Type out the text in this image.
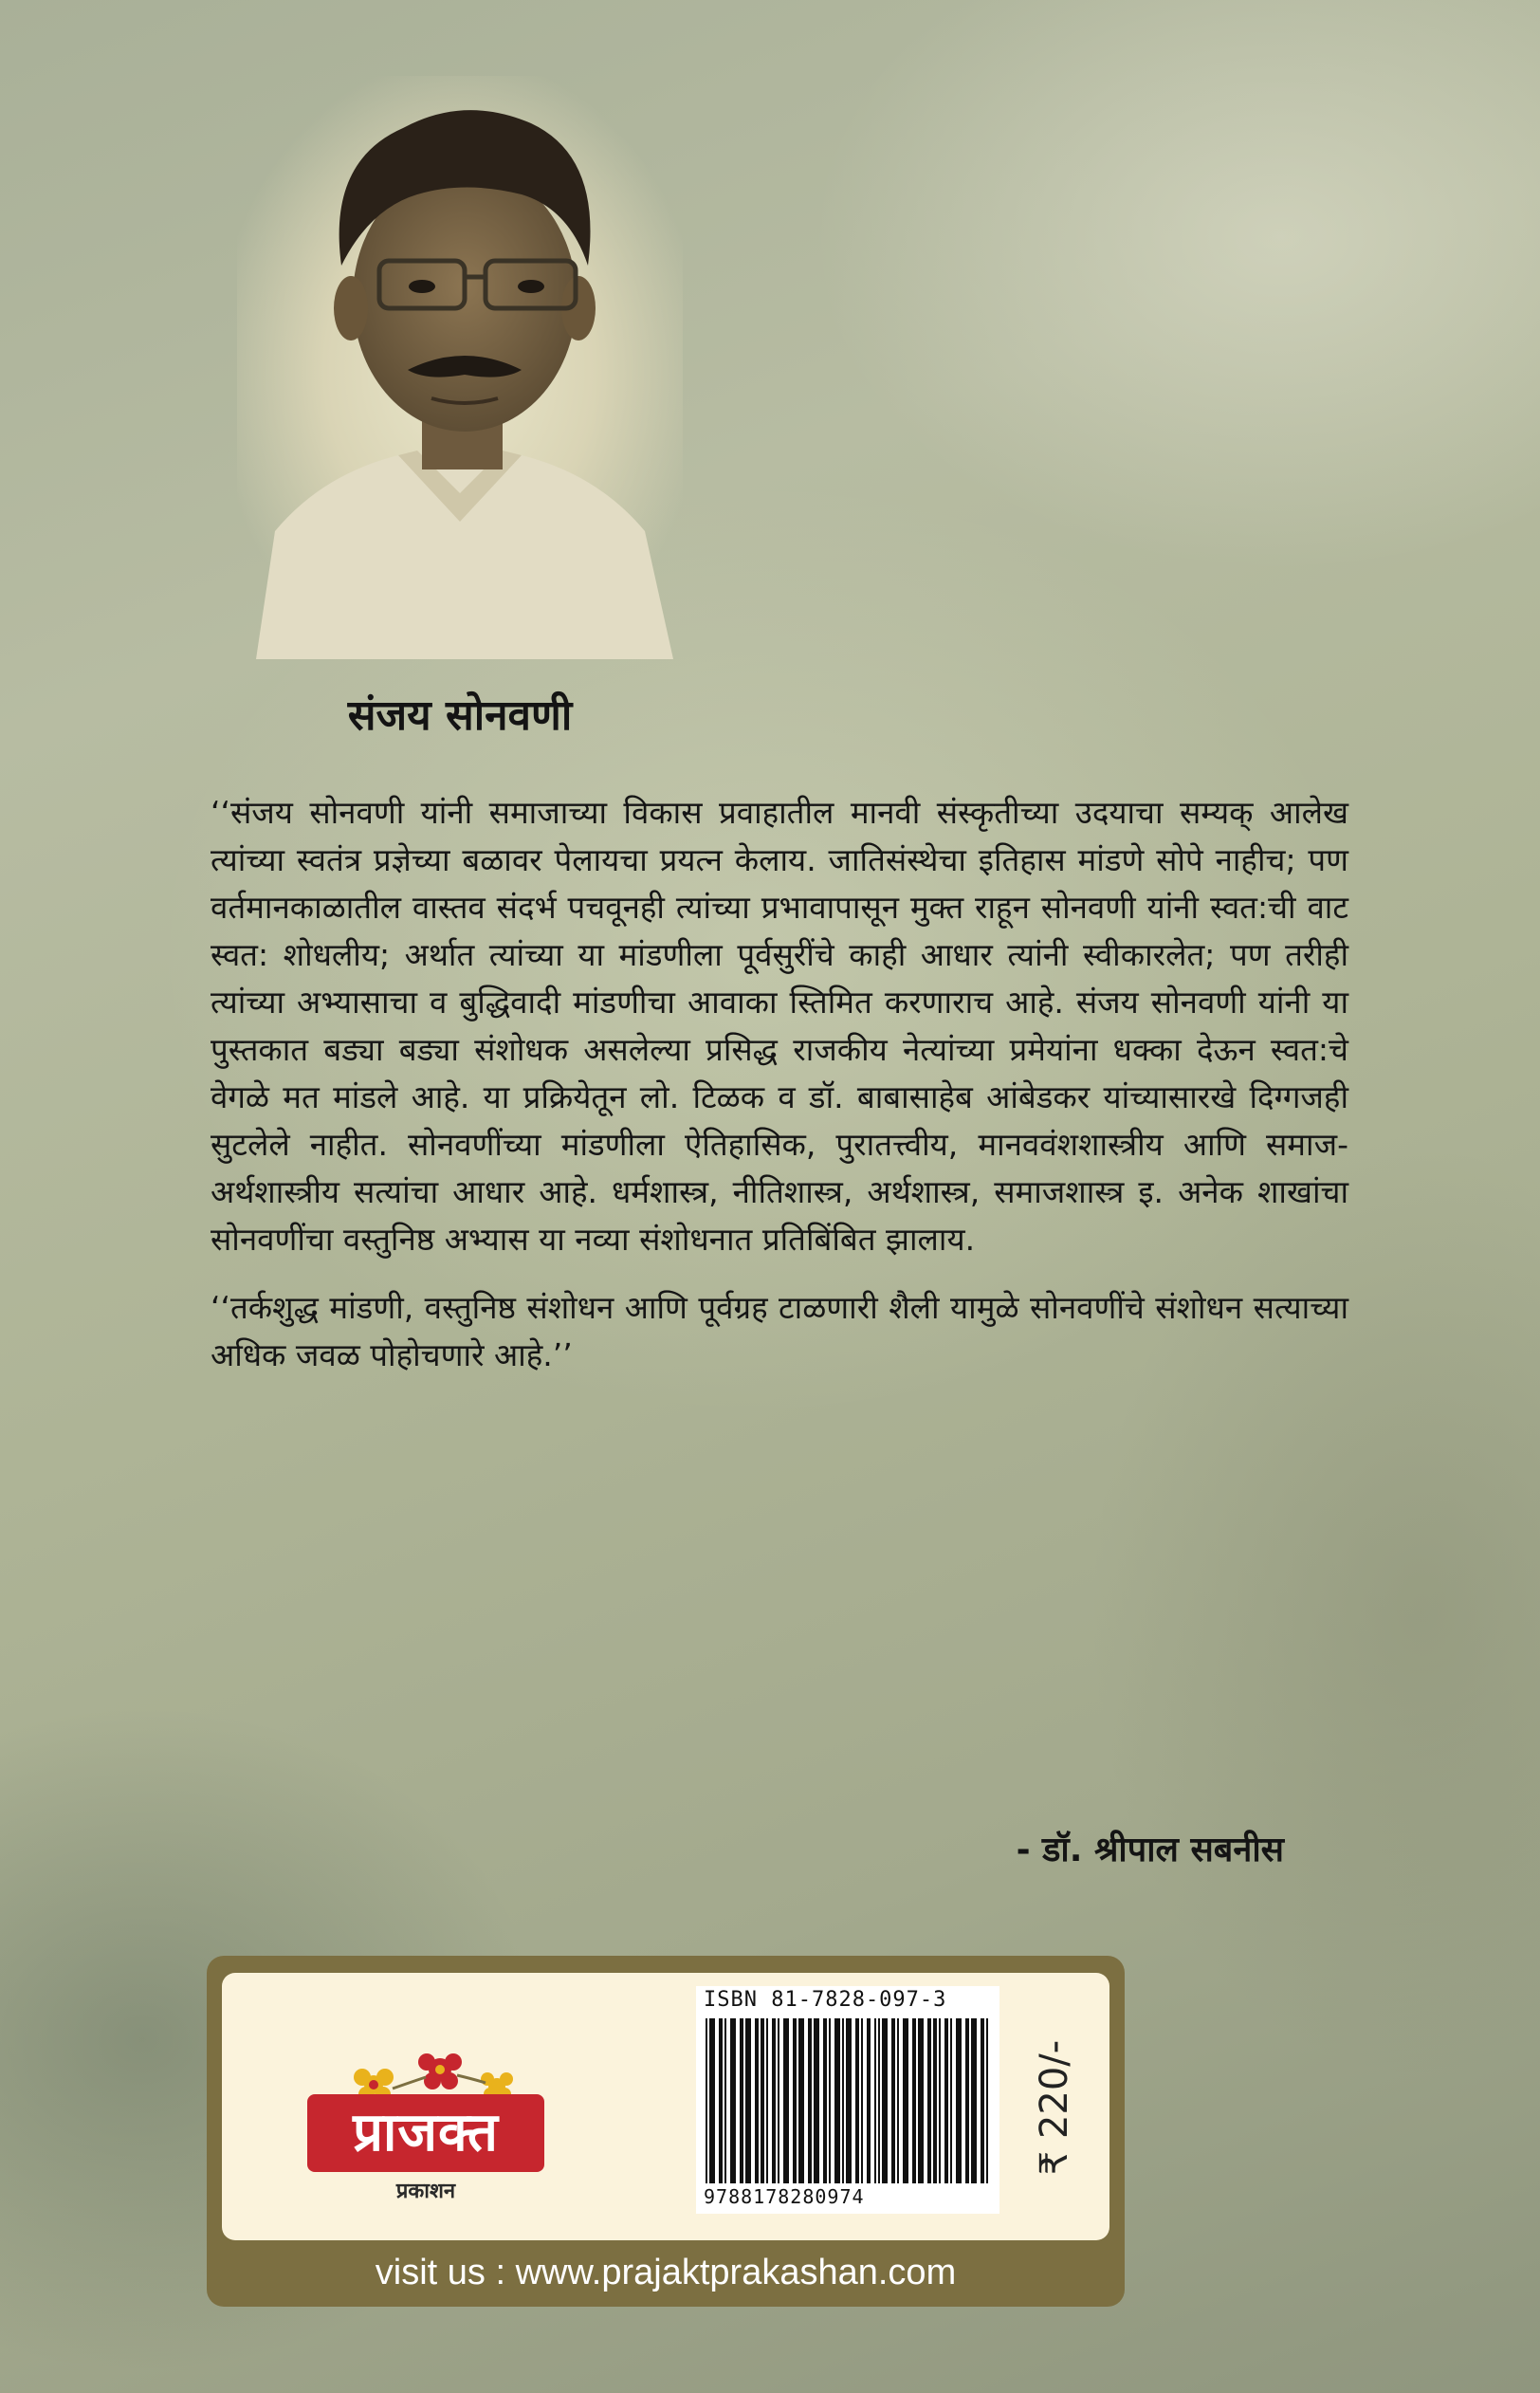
संजय सोनवणी

‘‘संजय सोनवणी यांनी समाजाच्या विकास प्रवाहातील मानवी संस्कृतीच्या उदयाचा सम्यक् आलेख त्यांच्या स्वतंत्र प्रज्ञेच्या बळावर पेलायचा प्रयत्न केलाय. जातिसंस्थेचा इतिहास मांडणे सोपे नाहीच; पण वर्तमानकाळातील वास्तव संदर्भ पचवूनही त्यांच्या प्रभावापासून मुक्त राहून सोनवणी यांनी स्वत:ची वाट स्वत: शोधलीय; अर्थात त्यांच्या या मांडणीला पूर्वसुरींचे काही आधार त्यांनी स्वीकारलेत; पण तरीही त्यांच्या अभ्यासाचा व बुद्धिवादी मांडणीचा आवाका स्तिमित करणाराच आहे. संजय सोनवणी यांनी या पुस्तकात बड्या बड्या संशोधक असलेल्या प्रसिद्ध राजकीय नेत्यांच्या प्रमेयांना धक्का देऊन स्वत:चे वेगळे मत मांडले आहे. या प्रक्रियेतून लो. टिळक व डॉ. बाबासाहेब आंबेडकर यांच्यासारखे दिग्गजही सुटलेले नाहीत. सोनवणींच्या मांडणीला ऐतिहासिक, पुरातत्त्वीय, मानववंशशास्त्रीय आणि समाज-अर्थशास्त्रीय सत्यांचा आधार आहे. धर्मशास्त्र, नीतिशास्त्र, अर्थशास्त्र, समाजशास्त्र इ. अनेक शाखांचा सोनवणींचा वस्तुनिष्ठ अभ्यास या नव्या संशोधनात प्रतिबिंबित झालाय.

‘‘तर्कशुद्ध मांडणी, वस्तुनिष्ठ संशोधन आणि पूर्वग्रह टाळणारी शैली यामुळे सोनवणींचे संशोधन सत्याच्या अधिक जवळ पोहोचणारे आहे.’’

- डॉ. श्रीपाल सबनीस
प्राजक्त
प्रकाशन
ISBN 81-7828-097-3
9788178280974
₹ 220/-
visit us : www.prajaktprakashan.com
